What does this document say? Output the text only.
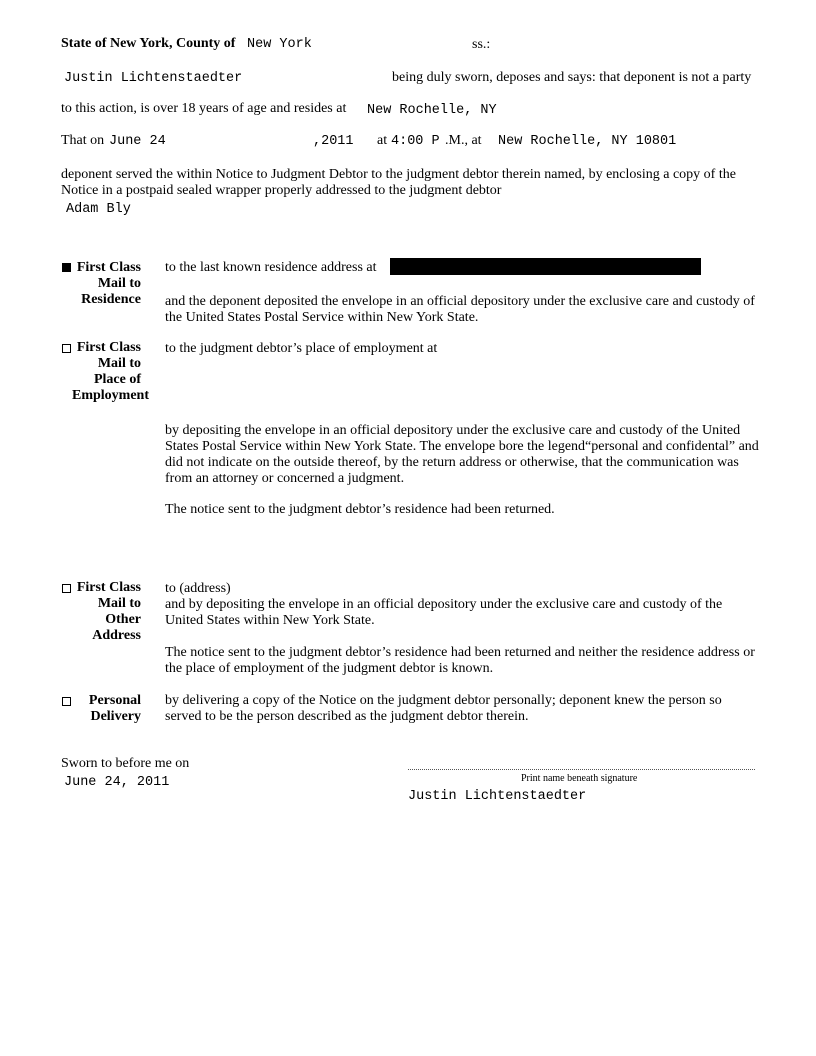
State of New York, County of New York	ss.:
Justin Lichtenstaedter	being duly sworn, deposes and says: that deponent is not a party
to this action, is over 18 years of age and resides at New Rochelle, NY
That on June 24	,2011 at 4:00 P .M., at New Rochelle, NY 10801
deponent served the within Notice to Judgment Debtor to the judgment debtor therein named, by enclosing a copy of the Notice in a postpaid sealed wrapper properly addressed to the judgment debtor
Adam Bly
First Class Mail to Residence
to the last known residence address at
and the deponent deposited the envelope in an official depository under the exclusive care and custody of the United States Postal Service within New York State.
First Class Mail to Place of Employment
to the judgment debtor’s place of employment at
by depositing the envelope in an official depository under the exclusive care and custody of the United States Postal Service within New York State. The envelope bore the legend“personal and confidental” and did not indicate on the outside thereof, by the return address or otherwise, that the communication was from an attorney or concerned a judgment.
The notice sent to the judgment debtor’s residence had been returned.
First Class Mail to Other Address
to (address)
and by depositing the envelope in an official depository under the exclusive care and custody of the United States within New York State.
The notice sent to the judgment debtor’s residence had been returned and neither the residence address or the place of employment of the judgment debtor is known.
Personal Delivery
by delivering a copy of the Notice on the judgment debtor personally; deponent knew the person so served to be the person described as the judgment debtor therein.
Sworn to before me on
June 24, 2011	Print name beneath signature
Justin Lichtenstaedter
